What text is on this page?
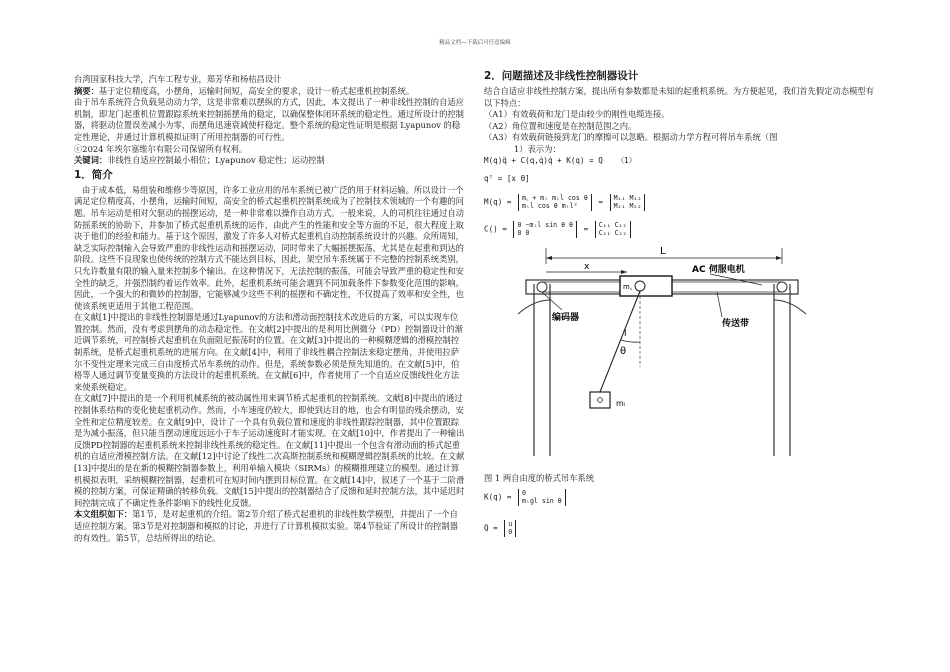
精品文档---下载后可任意编辑

台湾国家科技大学，汽车工程专业，郑芳华和杨桔昌设计

摘要：基于定位精度高，小摆角，运输时间短，高安全的要求，设计一桥式起重机控制系统。

由于吊车系统符合负载晃动动力学，这是非常难以摆纵的方式，因此，本文提出了一种非线性控制的自适应机制，即龙门起重机位置跟踪系统来控制摇摆角的稳定，以确保整体闭环系统的稳定性。通过所设计的控制器，将驱动位置误差减小为零，而摆角迅速衰减使杆稳定。整个系统的稳定性证明是根据 Lyapunov 的稳定性理论，并通过计算机模拟证明了所用控制器的可行性。

ⓒ2024 年埃尔塞维尔有限公司保留所有权利。

关键词：非线性自适应控制最小相位；Lyapunov 稳定性；运动控制

1．简介

由于成本低，易组装和维修少等原因，许多工业应用的吊车系统已被广泛的用于材料运输。所以设计一个满足定位精度高，小摆角，运输时间短，高安全的桥式起重机控制系统成为了控制技术领域的一个有趣的问题。吊车运动是相对欠驱动的摇摆运动，是一种非常难以操作自动方式。一般来说，人的司机往往通过自动防摇系统的协助下，并参加了桥式起重机系统的运作，由此产生的性能和安全等方面的不足，很大程度上取决于他们的经验和能力。基于这个原因，激发了许多人对桥式起重机自动控制系统设计的兴趣。众所周知，缺乏实际控制输入会导致严重的非线性运动和摇摆运动，同时带来了大幅摇摆振荡，尤其是在起重和到达的阶段。这些不良现象也使传统的控制方式不能达到目标，因此，架空吊车系统属于不完整的控制系统类别，只允许数量有限的输入量来控制多个输出。在这种情况下，无法控制的振荡，可能会导致严重的稳定性和安全性的缺乏，并强烈制约着运作效率。此外，起重机系统可能会遇到不同加载条件下参数变化范围的影响。因此，一个强大的和微妙的控制器，它能够减少这些不利的摇摆和不确定性，不仅提高了效率和安全性，也使该系统更适用于其他工程范围。

在文献[1]中提出的非线性控制器是通过Lyapunov的方法和滑动面控制技术改进后的方案，可以实现车位置控制。然而，没有考虑到摆角的动态稳定性。在文献[2]中提出的是利用比例微分（PD）控制器设计的渐近调节系统，可控制桥式起重机在负面阻尼振荡时的位置。在文献[3]中提出的一种模糊逻辑的滑模控制控制系统，是桥式起重机系统的进展方向。在文献[4]中，利用了非线性耦合控制法来稳定摆角，并使用拉萨尔不变性定理来完成三自由度桥式吊车系统的动作。但是，系统参数必须是预先知道的。在文献[5]中，伯格等人通过调节变量变换的方法设计的起重机系统。在文献[6]中，作者使用了一个自适应反馈线性化方法来使系统稳定。

在文献[7]中提出的是一个利用机械系统的被动属性用来调节桥式起重机的控制系统。文献[8]中提出的通过控制体系结构的变化使起重机动作。然而，小车速度仍较大，即使到达目的地，也会有明显的残余摆动，安全性和定位精度较差。在文献[9]中，设计了一个具有负载位置和速度的非线性跟踪控制器，其中位置跟踪是为减小振荡，但只能当摆动速度远远小于车子运动速度时才能实现。在文献[10]中，作者提出了一种输出反馈PD控制器的起重机系统来控制非线性系统的稳定性。在文献[11]中提出一个包含有滑动面的桥式起重机的自适应滑模控制方法。在文献[12]中讨论了线性二次高斯控制系统和模糊逻辑控制系统的比较。在文献[13]中提出的是在新的模糊控制器参数上，利用单输入模块（SIRMs）的模糊推理建立的模型。通过计算机模拟表明，采纳模糊控制器，起重机可在短时间内摆到目标位置。在文献[14]中，叙述了一个基于二阶滑模的控制方案，可保证精确的转移负载。文献[15]中提出的控制器结合了反馈和延时控制方法，其中延迟时间控制完成了不确定性条件影响下的线性化反馈。

本文组织如下：第1节，是对起重机的介绍。第2节介绍了桥式起重机的非线性数学模型，并提出了一个自适应控制方案。第3节是对控制器和模拟的讨论，并进行了计算机模拟实验。第4节验证了所设计的控制器的有效性。第5节，总结所得出的结论。

2．问题描述及非线性控制器设计

结合自适应非线性控制方案，提出所有参数都是未知的起重机系统。为方便起见，我们首先假定动态模型有以下特点：

（A1）有效载荷和龙门是由较少的刚性电缆连接。

（A2）角位置和速度是在控制范围之内。

（A3）有效载荷链接到龙门的摩擦可以忽略。根据动力学方程可将吊车系统（图

1）表示为：

M(q)q̈ + C(q,q̇)q̇ + K(q) = Q （1）

qᵀ = [x θ]

M(q) = m꜀ + mₗ mₗl cos θ
mₗl cos θ mₗl²	= M₁₁ M₁₂
M₂₁ M₂₂
C() = 0 −mₗl sin θ θ̇
0 0	= C₁₁ C₁₂
C₂₁ C₂₂
L
x
m꜀
AC 伺服电机
编码器
传送带
l
θ
mₗ

图 1 两自由度的桥式吊车系统

K(q) = 0
mₗgl sin θ
Q = u
0
